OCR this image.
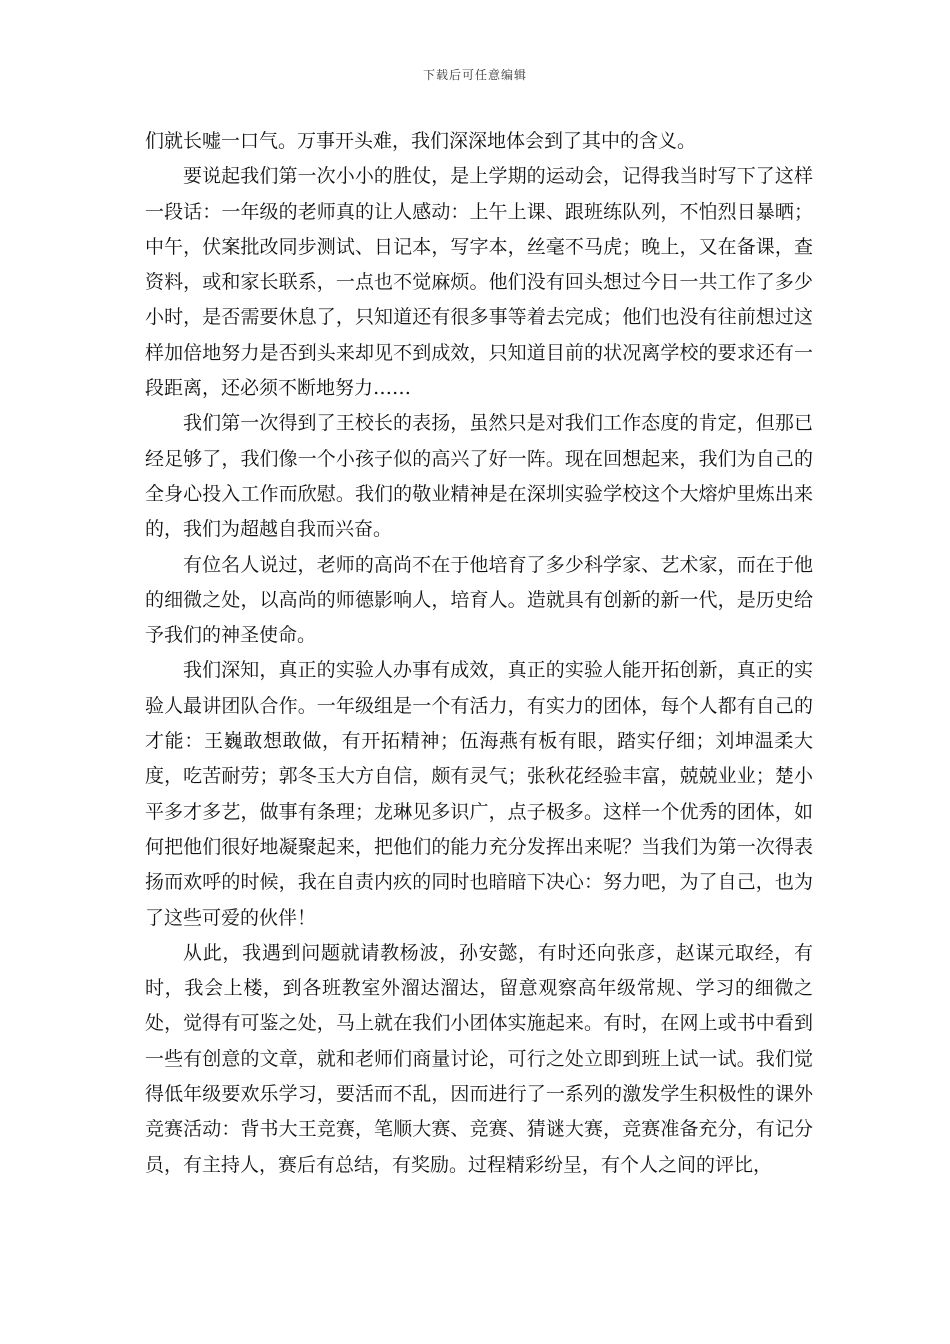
下载后可任意编辑

们就长嘘一口气。万事开头难，我们深深地体会到了其中的含义。

要说起我们第一次小小的胜仗，是上学期的运动会，记得我当时写下了这样一段话：一年级的老师真的让人感动：上午上课、跟班练队列，不怕烈日暴晒；中午，伏案批改同步测试、日记本，写字本，丝毫不马虎；晚上，又在备课，查资料，或和家长联系，一点也不觉麻烦。他们没有回头想过今日一共工作了多少小时，是否需要休息了，只知道还有很多事等着去完成；他们也没有往前想过这样加倍地努力是否到头来却见不到成效，只知道目前的状况离学校的要求还有一段距离，还必须不断地努力……

我们第一次得到了王校长的表扬，虽然只是对我们工作态度的肯定，但那已经足够了，我们像一个小孩子似的高兴了好一阵。现在回想起来，我们为自己的全身心投入工作而欣慰。我们的敬业精神是在深圳实验学校这个大熔炉里炼出来的，我们为超越自我而兴奋。

有位名人说过，老师的高尚不在于他培育了多少科学家、艺术家，而在于他的细微之处，以高尚的师德影响人，培育人。造就具有创新的新一代，是历史给予我们的神圣使命。

我们深知，真正的实验人办事有成效，真正的实验人能开拓创新，真正的实验人最讲团队合作。一年级组是一个有活力，有实力的团体，每个人都有自己的才能：王巍敢想敢做，有开拓精神；伍海燕有板有眼，踏实仔细；刘坤温柔大度，吃苦耐劳；郭冬玉大方自信，颇有灵气；张秋花经验丰富，兢兢业业；楚小平多才多艺，做事有条理；龙琳见多识广，点子极多。这样一个优秀的团体，如何把他们很好地凝聚起来，把他们的能力充分发挥出来呢？当我们为第一次得表扬而欢呼的时候，我在自责内疚的同时也暗暗下决心：努力吧，为了自己，也为了这些可爱的伙伴！

从此，我遇到问题就请教杨波，孙安懿，有时还向张彦，赵谋元取经，有时，我会上楼，到各班教室外溜达溜达，留意观察高年级常规、学习的细微之处，觉得有可鉴之处，马上就在我们小团体实施起来。有时，在网上或书中看到一些有创意的文章，就和老师们商量讨论，可行之处立即到班上试一试。我们觉得低年级要欢乐学习，要活而不乱，因而进行了一系列的激发学生积极性的课外竞赛活动：背书大王竞赛，笔顺大赛、竞赛、猜谜大赛，竞赛准备充分，有记分员，有主持人，赛后有总结，有奖励。过程精彩纷呈，有个人之间的评比，
